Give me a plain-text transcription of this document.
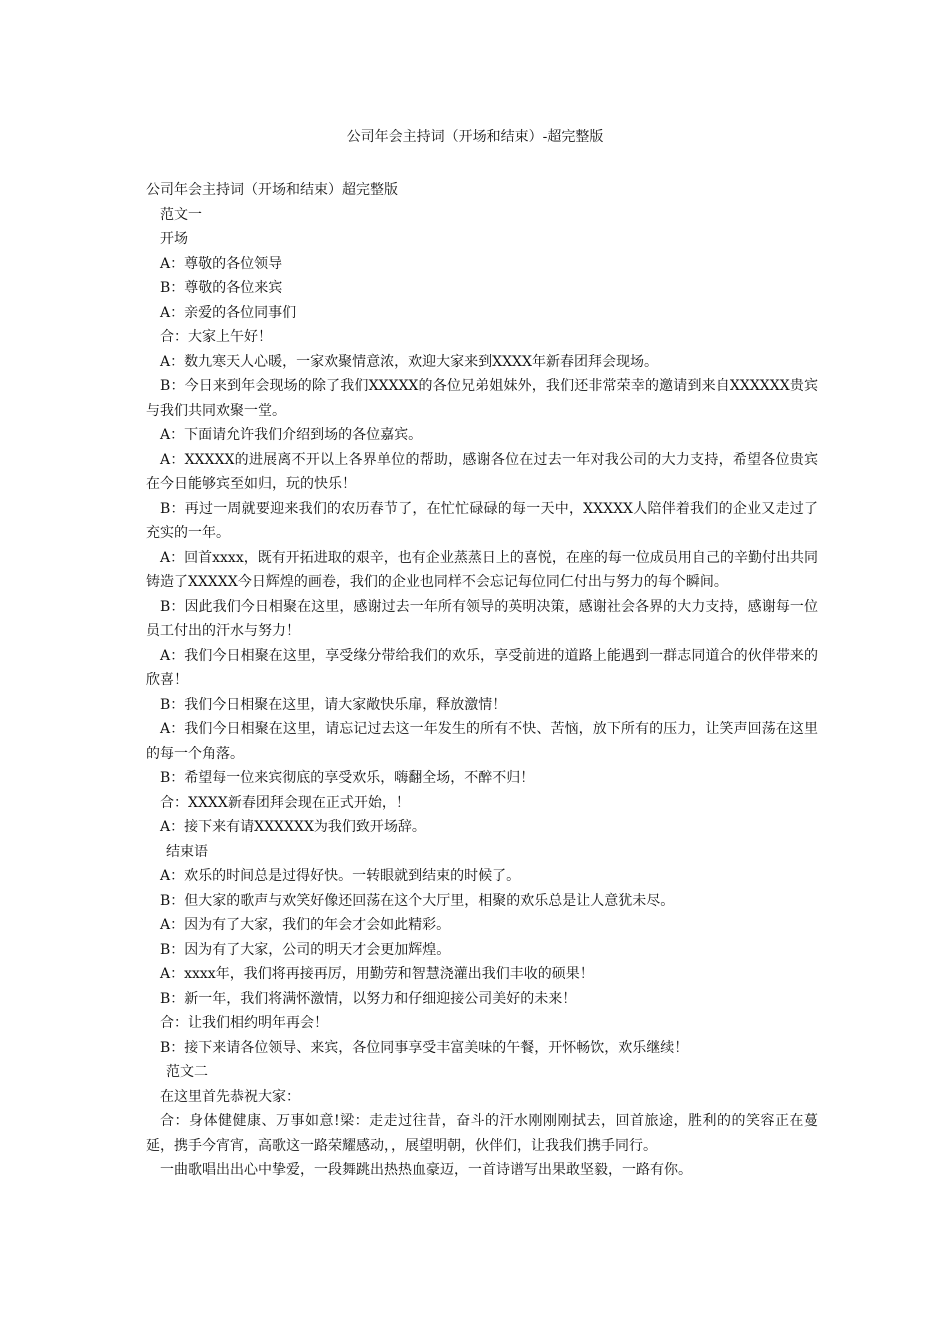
公司年会主持词（开场和结束）-超完整版

公司年会主持词（开场和结束）超完整版

范文一

开场

A：尊敬的各位领导

B：尊敬的各位来宾

A：亲爱的各位同事们

合：大家上午好！

A：数九寒天人心暖，一家欢聚情意浓，欢迎大家来到XXXX年新春团拜会现场。

B：今日来到年会现场的除了我们XXXXX的各位兄弟姐妹外，我们还非常荣幸的邀请到来自XXXXXX贵宾与我们共同欢聚一堂。

A：下面请允许我们介绍到场的各位嘉宾。

A：XXXXX的进展离不开以上各界单位的帮助，感谢各位在过去一年对我公司的大力支持，希望各位贵宾在今日能够宾至如归，玩的快乐！

B：再过一周就要迎来我们的农历春节了，在忙忙碌碌的每一天中，XXXXX人陪伴着我们的企业又走过了充实的一年。

A：回首xxxx，既有开拓进取的艰辛，也有企业蒸蒸日上的喜悦，在座的每一位成员用自己的辛勤付出共同铸造了XXXXX今日辉煌的画卷，我们的企业也同样不会忘记每位同仁付出与努力的每个瞬间。

B：因此我们今日相聚在这里，感谢过去一年所有领导的英明决策，感谢社会各界的大力支持，感谢每一位员工付出的汗水与努力！

A：我们今日相聚在这里，享受缘分带给我们的欢乐，享受前进的道路上能遇到一群志同道合的伙伴带来的欣喜！

B：我们今日相聚在这里，请大家敞快乐扉，释放激情！

A：我们今日相聚在这里，请忘记过去这一年发生的所有不快、苦恼，放下所有的压力，让笑声回荡在这里的每一个角落。

B：希望每一位来宾彻底的享受欢乐，嗨翻全场，不醉不归！

合：XXXX新春团拜会现在正式开始，！

A：接下来有请XXXXXX为我们致开场辞。

结束语

A：欢乐的时间总是过得好快。一转眼就到结束的时候了。

B：但大家的歌声与欢笑好像还回荡在这个大厅里，相聚的欢乐总是让人意犹未尽。

A：因为有了大家，我们的年会才会如此精彩。

B：因为有了大家，公司的明天才会更加辉煌。

A：xxxx年，我们将再接再厉，用勤劳和智慧浇灌出我们丰收的硕果！

B：新一年，我们将满怀激情，以努力和仔细迎接公司美好的未来！

合：让我们相约明年再会！

B：接下来请各位领导、来宾，各位同事享受丰富美味的午餐，开怀畅饮，欢乐继续！

范文二

在这里首先恭祝大家：

合：身体健健康、万事如意!梁：走走过往昔，奋斗的汗水刚刚刚拭去，回首旅途，胜利的的笑容正在蔓延，携手今宵宵，高歌这一路荣耀感动，，展望明朝，伙伴们，让我我们携手同行。

一曲歌唱出出心中挚爱，一段舞跳出热热血豪迈，一首诗谱写出果敢坚毅，一路有你。
